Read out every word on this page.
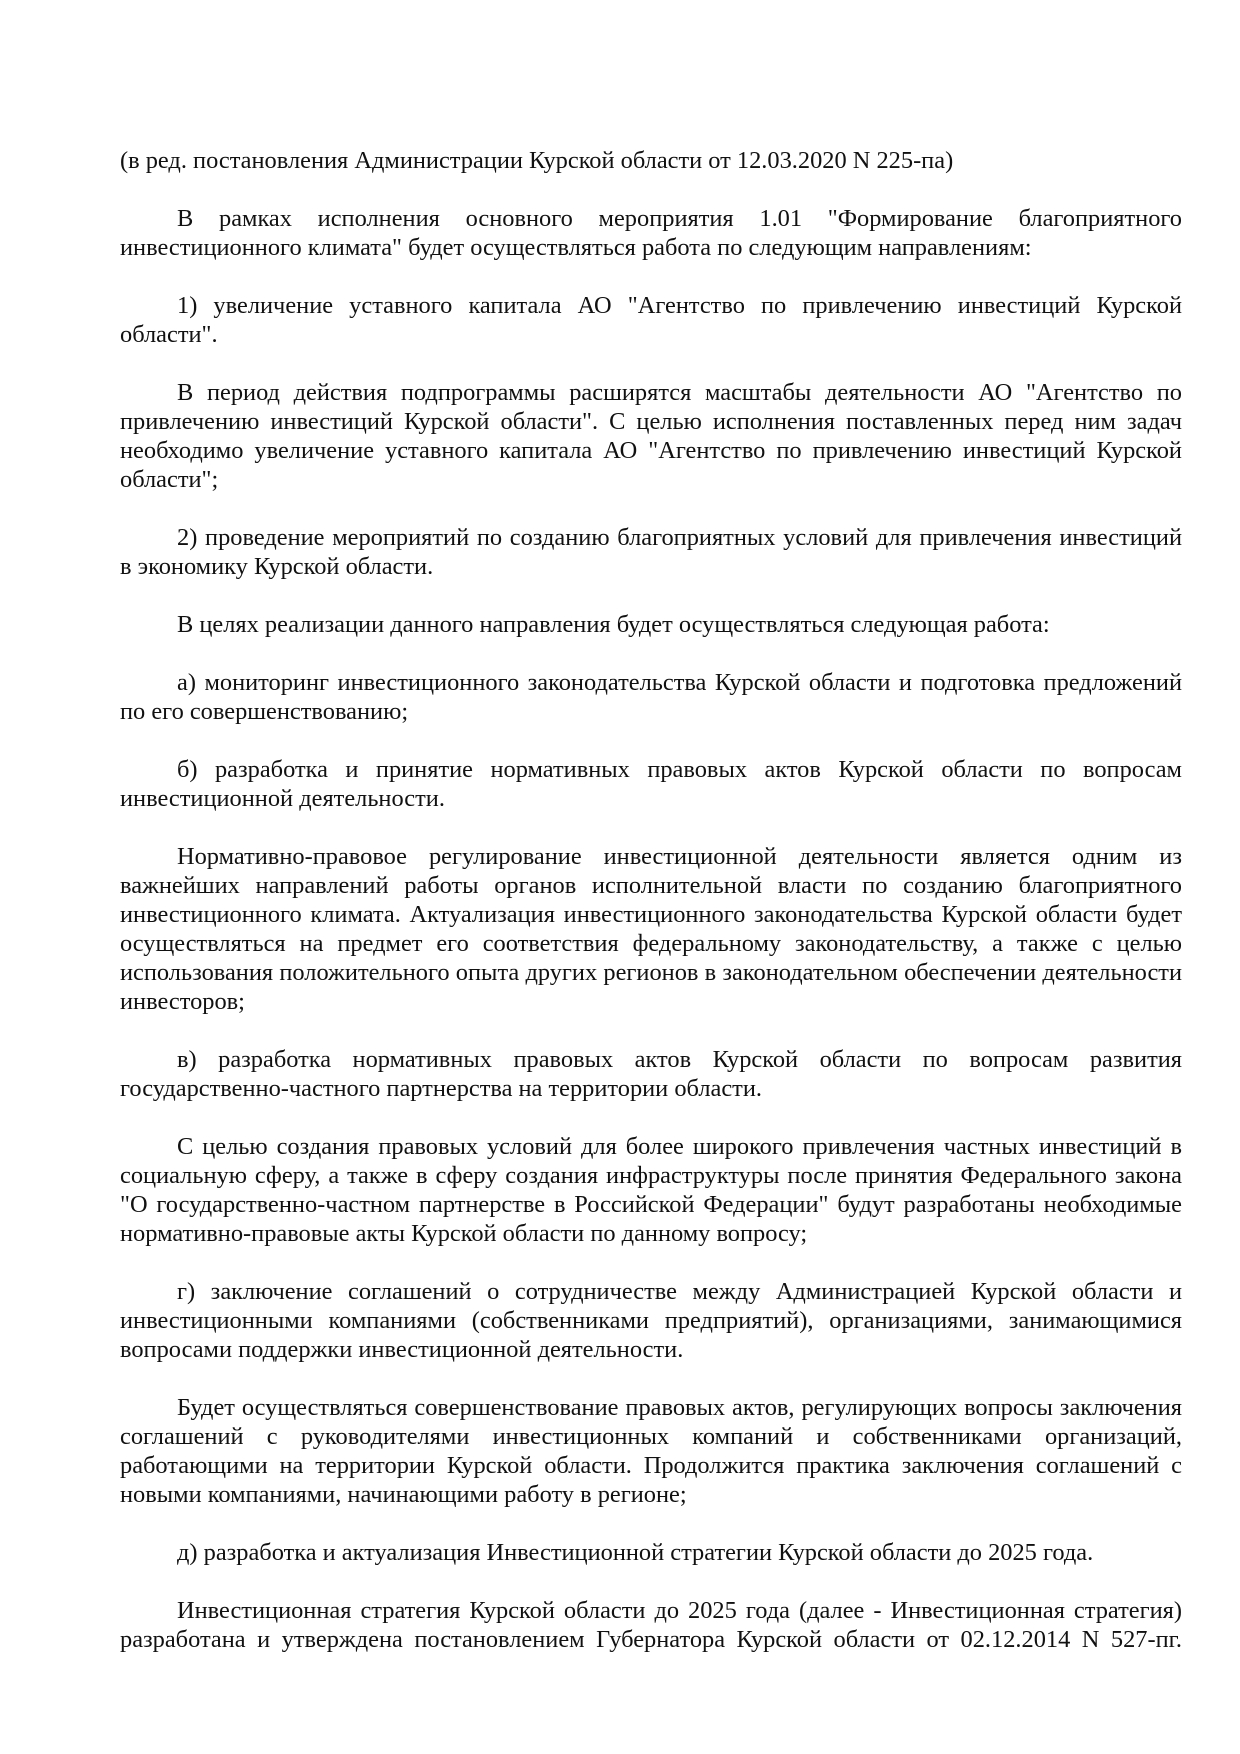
(в ред. постановления Администрации Курской области от 12.03.2020 N 225-па)

В рамках исполнения основного мероприятия 1.01 "Формирование благоприятного инвестиционного климата" будет осуществляться работа по следующим направлениям:

1) увеличение уставного капитала АО "Агентство по привлечению инвестиций Курской области".

В период действия подпрограммы расширятся масштабы деятельности АО "Агентство по привлечению инвестиций Курской области". С целью исполнения поставленных перед ним задач необходимо увеличение уставного капитала АО "Агентство по привлечению инвестиций Курской области";

2) проведение мероприятий по созданию благоприятных условий для привлечения инвестиций в экономику Курской области.

В целях реализации данного направления будет осуществляться следующая работа:

а) мониторинг инвестиционного законодательства Курской области и подготовка предложений по его совершенствованию;

б) разработка и принятие нормативных правовых актов Курской области по вопросам инвестиционной деятельности.

Нормативно-правовое регулирование инвестиционной деятельности является одним из важнейших направлений работы органов исполнительной власти по созданию благоприятного инвестиционного климата. Актуализация инвестиционного законодательства Курской области будет осуществляться на предмет его соответствия федеральному законодательству, а также с целью использования положительного опыта других регионов в законодательном обеспечении деятельности инвесторов;

в) разработка нормативных правовых актов Курской области по вопросам развития государственно-частного партнерства на территории области.

С целью создания правовых условий для более широкого привлечения частных инвестиций в социальную сферу, а также в сферу создания инфраструктуры после принятия Федерального закона "О государственно-частном партнерстве в Российской Федерации" будут разработаны необходимые нормативно-правовые акты Курской области по данному вопросу;

г) заключение соглашений о сотрудничестве между Администрацией Курской области и инвестиционными компаниями (собственниками предприятий), организациями, занимающимися вопросами поддержки инвестиционной деятельности.

Будет осуществляться совершенствование правовых актов, регулирующих вопросы заключения соглашений с руководителями инвестиционных компаний и собственниками организаций, работающими на территории Курской области. Продолжится практика заключения соглашений с новыми компаниями, начинающими работу в регионе;

д) разработка и актуализация Инвестиционной стратегии Курской области до 2025 года.

Инвестиционная стратегия Курской области до 2025 года (далее - Инвестиционная стратегия) разработана и утверждена постановлением Губернатора Курской области от 02.12.2014 N 527-пг.
